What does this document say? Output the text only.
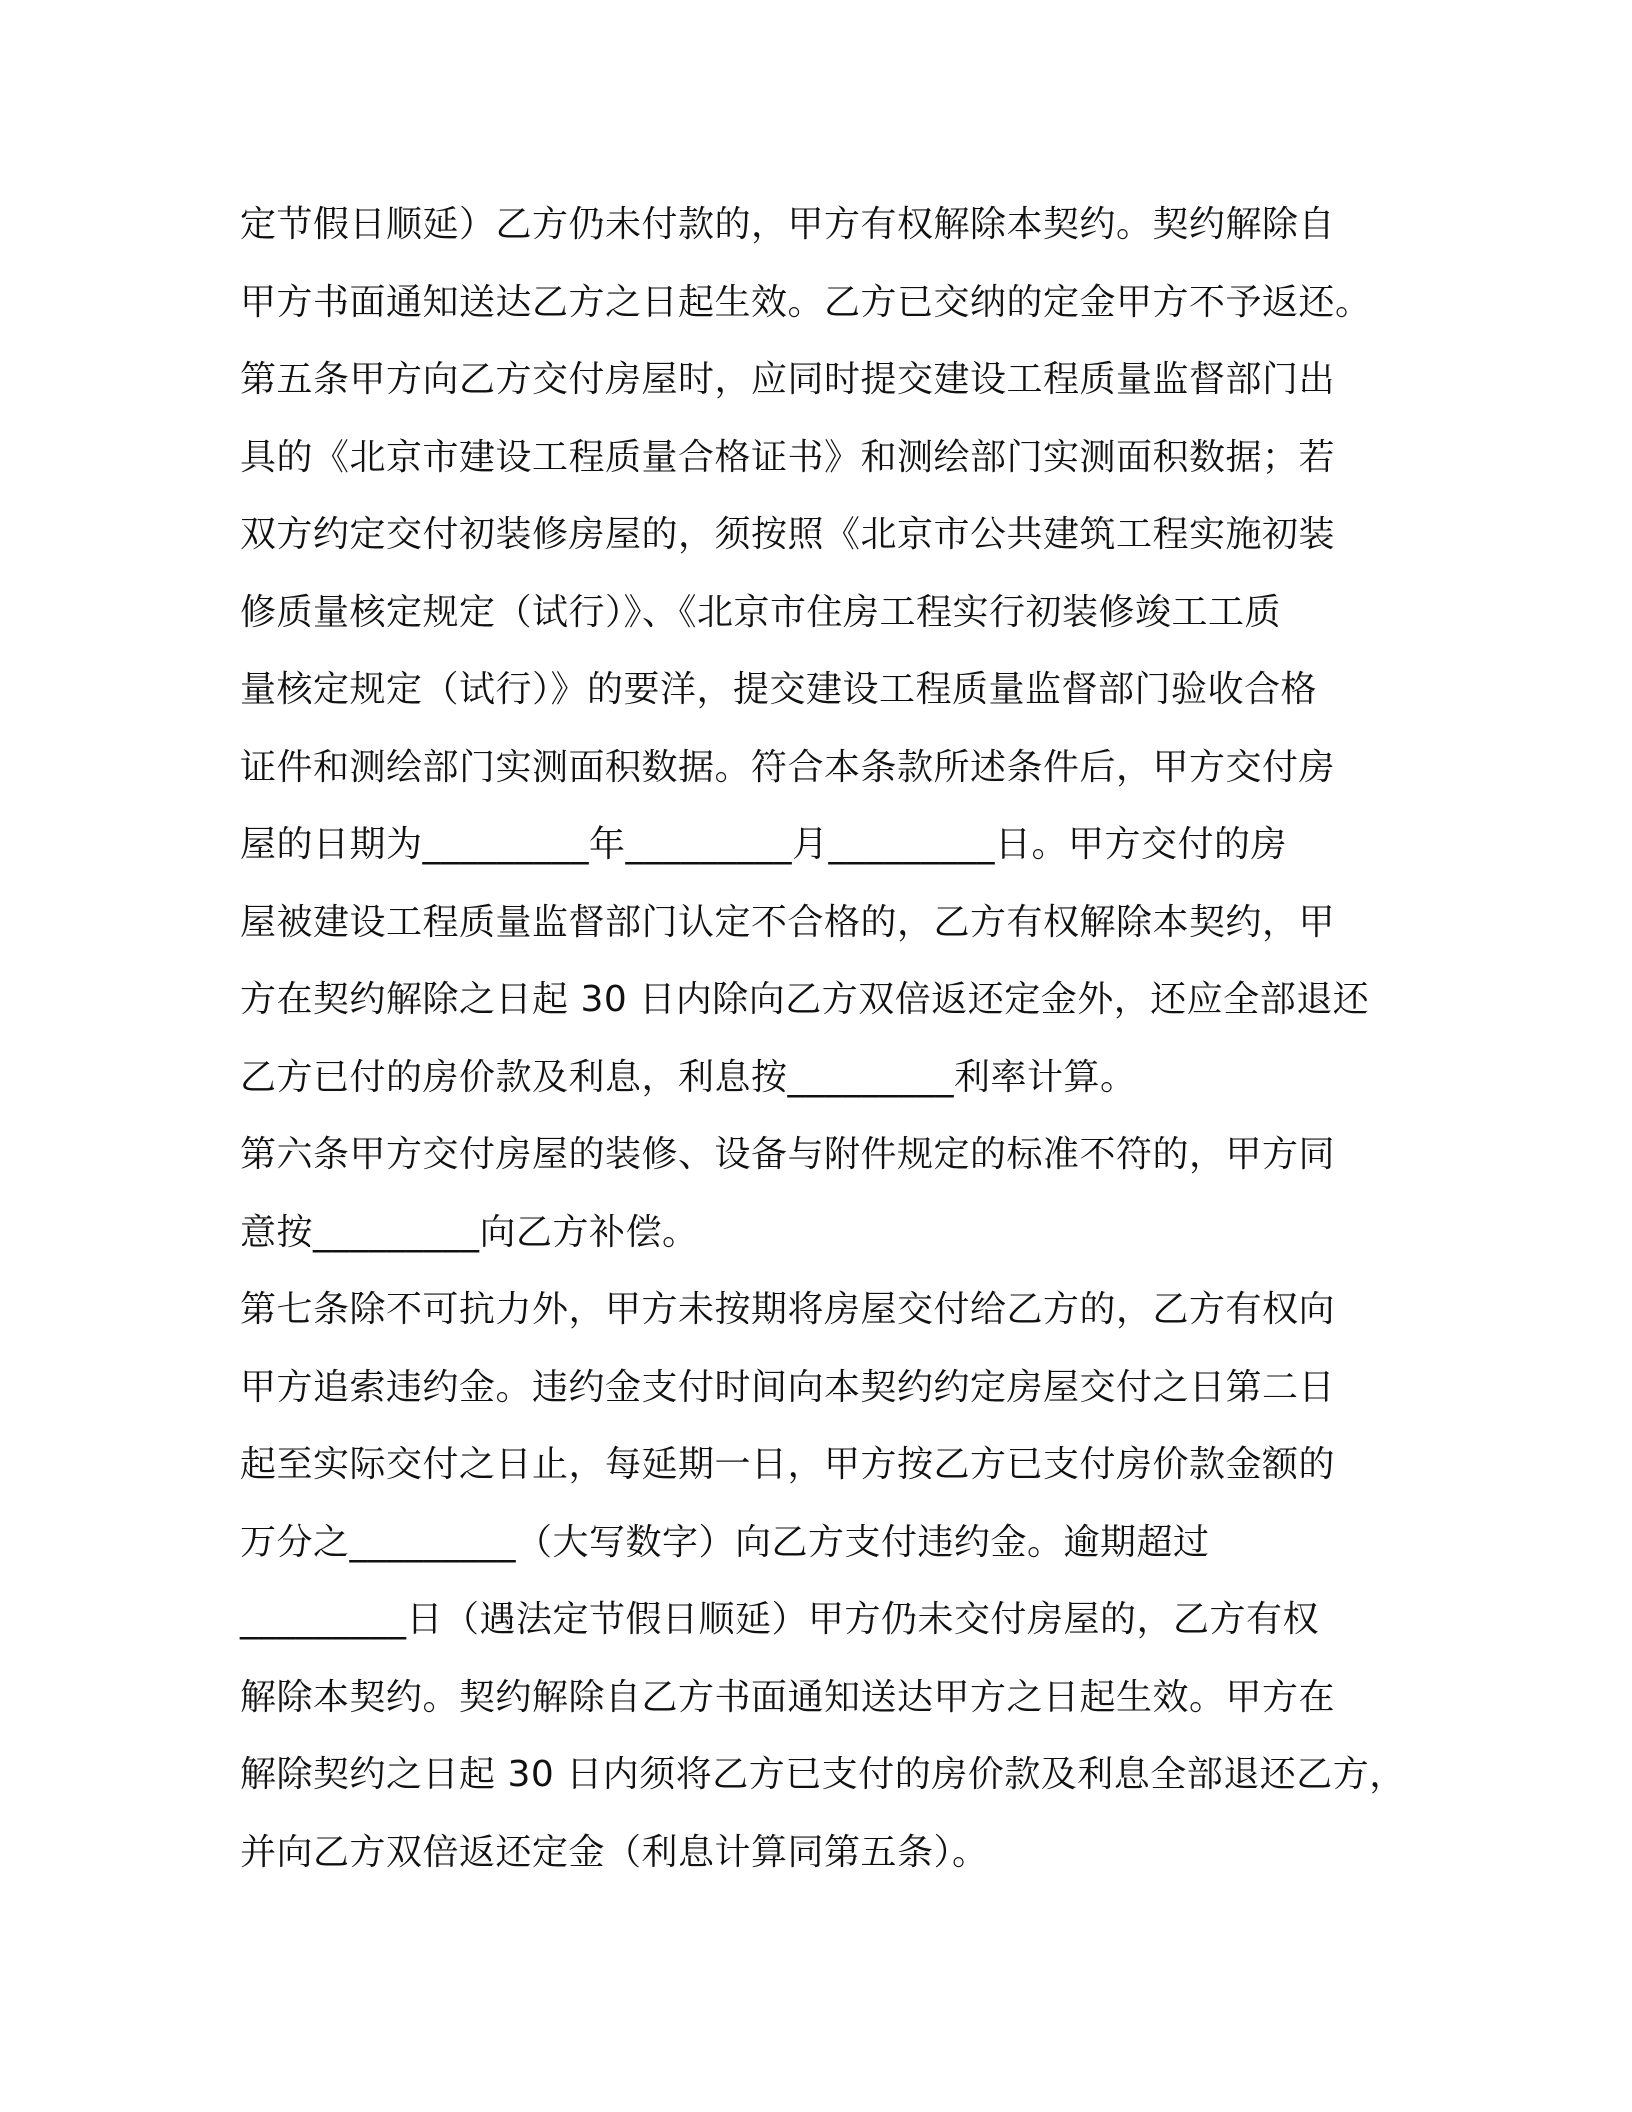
定节假日顺延）乙方仍未付款的，甲方有权解除本契约。契约解除自
甲方书面通知送达乙方之日起生效。乙方已交纳的定金甲方不予返还。
第五条甲方向乙方交付房屋时，应同时提交建设工程质量监督部门出
具的《北京市建设工程质量合格证书》和测绘部门实测面积数据；若
双方约定交付初装修房屋的，须按照《北京市公共建筑工程实施初装
修质量核定规定（试行）》、《北京市住房工程实行初装修竣工工质
量核定规定（试行）》的要洋，提交建设工程质量监督部门验收合格
证件和测绘部门实测面积数据。符合本条款所述条件后，甲方交付房
屋的日期为_________年_________月_________日。甲方交付的房
屋被建设工程质量监督部门认定不合格的，乙方有权解除本契约，甲
方在契约解除之日起 30 日内除向乙方双倍返还定金外，还应全部退还
乙方已付的房价款及利息，利息按_________利率计算。
第六条甲方交付房屋的装修、设备与附件规定的标准不符的，甲方同
意按_________向乙方补偿。
第七条除不可抗力外，甲方未按期将房屋交付给乙方的，乙方有权向
甲方追索违约金。违约金支付时间向本契约约定房屋交付之日第二日
起至实际交付之日止，每延期一日，甲方按乙方已支付房价款金额的
万分之_________（大写数字）向乙方支付违约金。逾期超过
_________日（遇法定节假日顺延）甲方仍未交付房屋的，乙方有权
解除本契约。契约解除自乙方书面通知送达甲方之日起生效。甲方在
解除契约之日起 30 日内须将乙方已支付的房价款及利息全部退还乙方，
并向乙方双倍返还定金（利息计算同第五条）。
